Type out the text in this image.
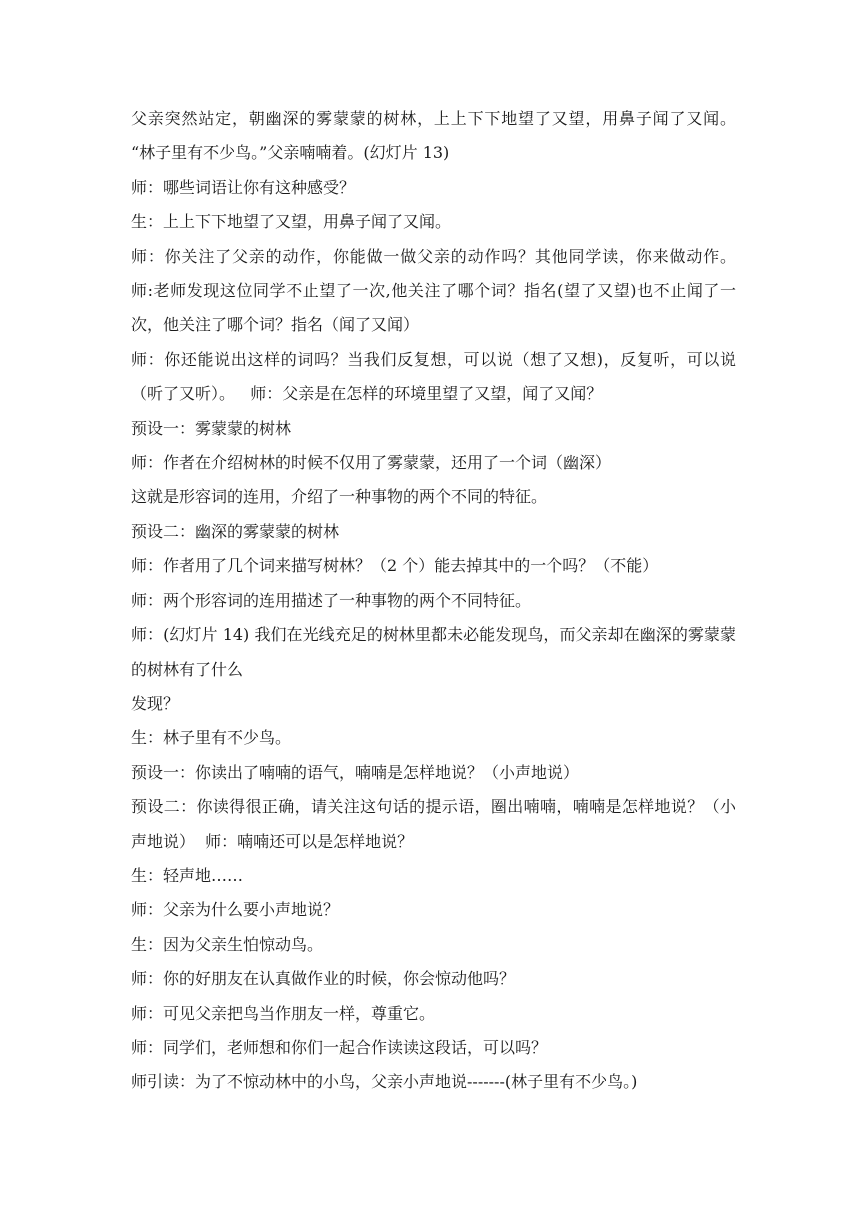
父亲突然站定，朝幽深的雾蒙蒙的树林，上上下下地望了又望，用鼻子闻了又闻。   “林子里有不少鸟。”父亲喃喃着。(幻灯片 13)

师：哪些词语让你有这种感受？

生：上上下下地望了又望，用鼻子闻了又闻。

师：你关注了父亲的动作，你能做一做父亲的动作吗？其他同学读，你来做动作。  师:老师发现这位同学不止望了一次,他关注了哪个词？指名(望了又望)也不止闻了一次，他关注了哪个词？指名（闻了又闻）

师：你还能说出这样的词吗？当我们反复想，可以说（想了又想)，反复听，可以说（听了又听）。   师：父亲是在怎样的环境里望了又望，闻了又闻？

预设一：雾蒙蒙的树林

师：作者在介绍树林的时候不仅用了雾蒙蒙，还用了一个词（幽深）

这就是形容词的连用，介绍了一种事物的两个不同的特征。

预设二：幽深的雾蒙蒙的树林

师：作者用了几个词来描写树林？（2 个）能去掉其中的一个吗？（不能）

师：两个形容词的连用描述了一种事物的两个不同特征。

师：(幻灯片 14) 我们在光线充足的树林里都未必能发现鸟，而父亲却在幽深的雾蒙蒙的树林有了什么

发现？

生：林子里有不少鸟。

预设一：你读出了喃喃的语气，喃喃是怎样地说？（小声地说）

预设二：你读得很正确，请关注这句话的提示语，圈出喃喃，喃喃是怎样地说？（小声地说）  师：喃喃还可以是怎样地说？

生：轻声地……

师：父亲为什么要小声地说？

生：因为父亲生怕惊动鸟。

师：你的好朋友在认真做作业的时候，你会惊动他吗？

师：可见父亲把鸟当作朋友一样，尊重它。

师：同学们，老师想和你们一起合作读读这段话，可以吗？

师引读：为了不惊动林中的小鸟，父亲小声地说-------(林子里有不少鸟。)
